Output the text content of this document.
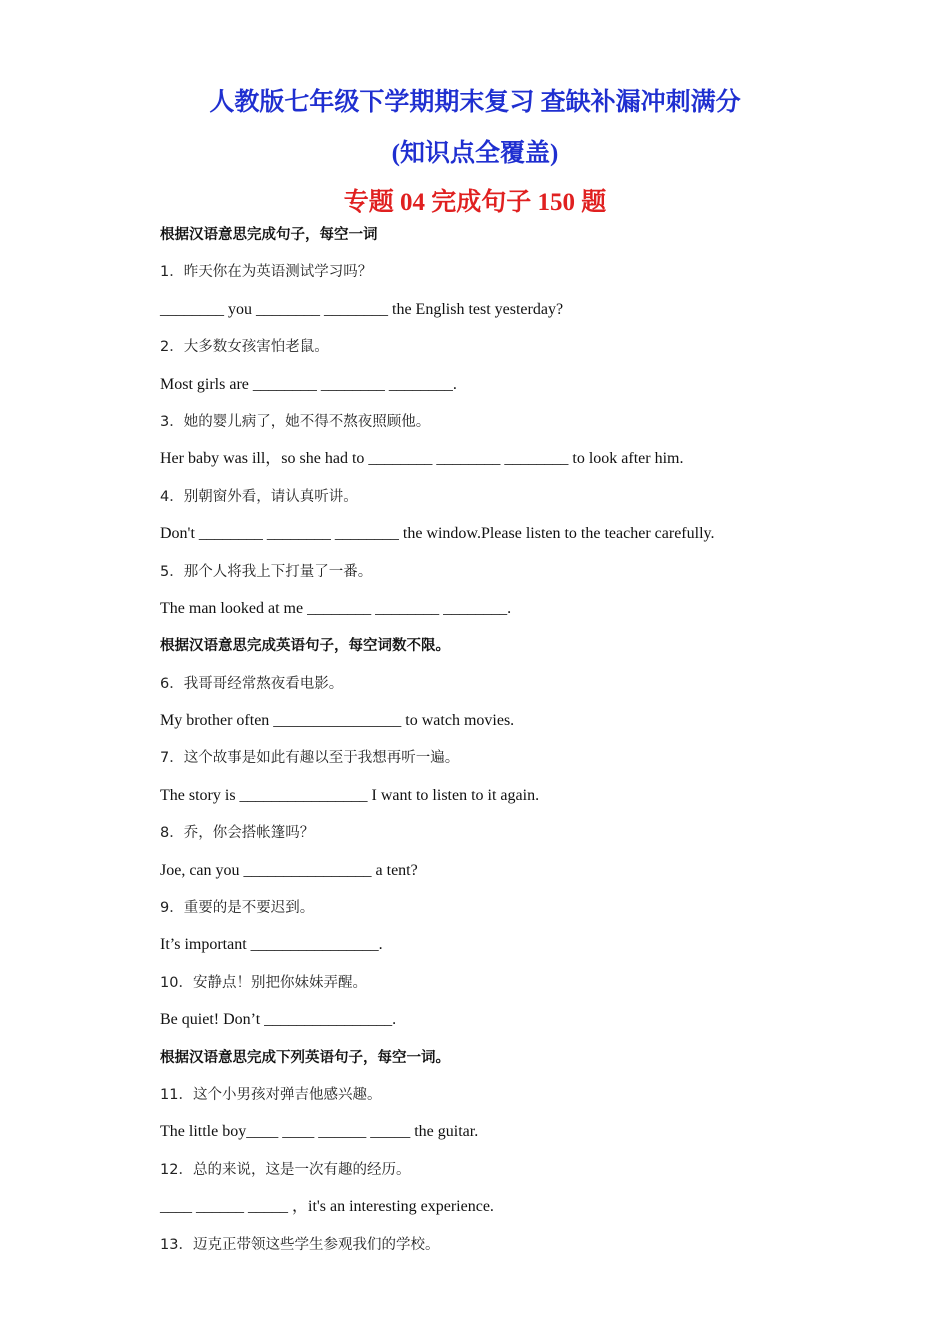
人教版七年级下学期期末复习 查缺补漏冲刺满分
(知识点全覆盖)
专题 04 完成句子 150 题
根据汉语意思完成句子，每空一词
1．昨天你在为英语测试学习吗？
________ you ________ ________ the English test yesterday?
2．大多数女孩害怕老鼠。
Most girls are ________ ________ ________.
3．她的婴儿病了，她不得不熬夜照顾他。
Her baby was ill，so she had to ________ ________ ________ to look after him.
4．别朝窗外看，请认真听讲。
Don't ________ ________ ________ the window.Please listen to the teacher carefully.
5．那个人将我上下打量了一番。
The man looked at me ________ ________ ________.
根据汉语意思完成英语句子，每空词数不限。
6．我哥哥经常熬夜看电影。
My brother often ________________ to watch movies.
7．这个故事是如此有趣以至于我想再听一遍。
The story is ________________ I want to listen to it again.
8．乔，你会搭帐篷吗？
Joe, can you ________________ a tent?
9．重要的是不要迟到。
It’s important ________________.
10．安静点！别把你妹妹弄醒。
Be quiet! Don’t ________________.
根据汉语意思完成下列英语句子，每空一词。
11．这个小男孩对弹吉他感兴趣。
The little boy____ ____ ______ _____ the guitar.
12．总的来说，这是一次有趣的经历。
____ ______ _____ ，it's an interesting experience.
13．迈克正带领这些学生参观我们的学校。
